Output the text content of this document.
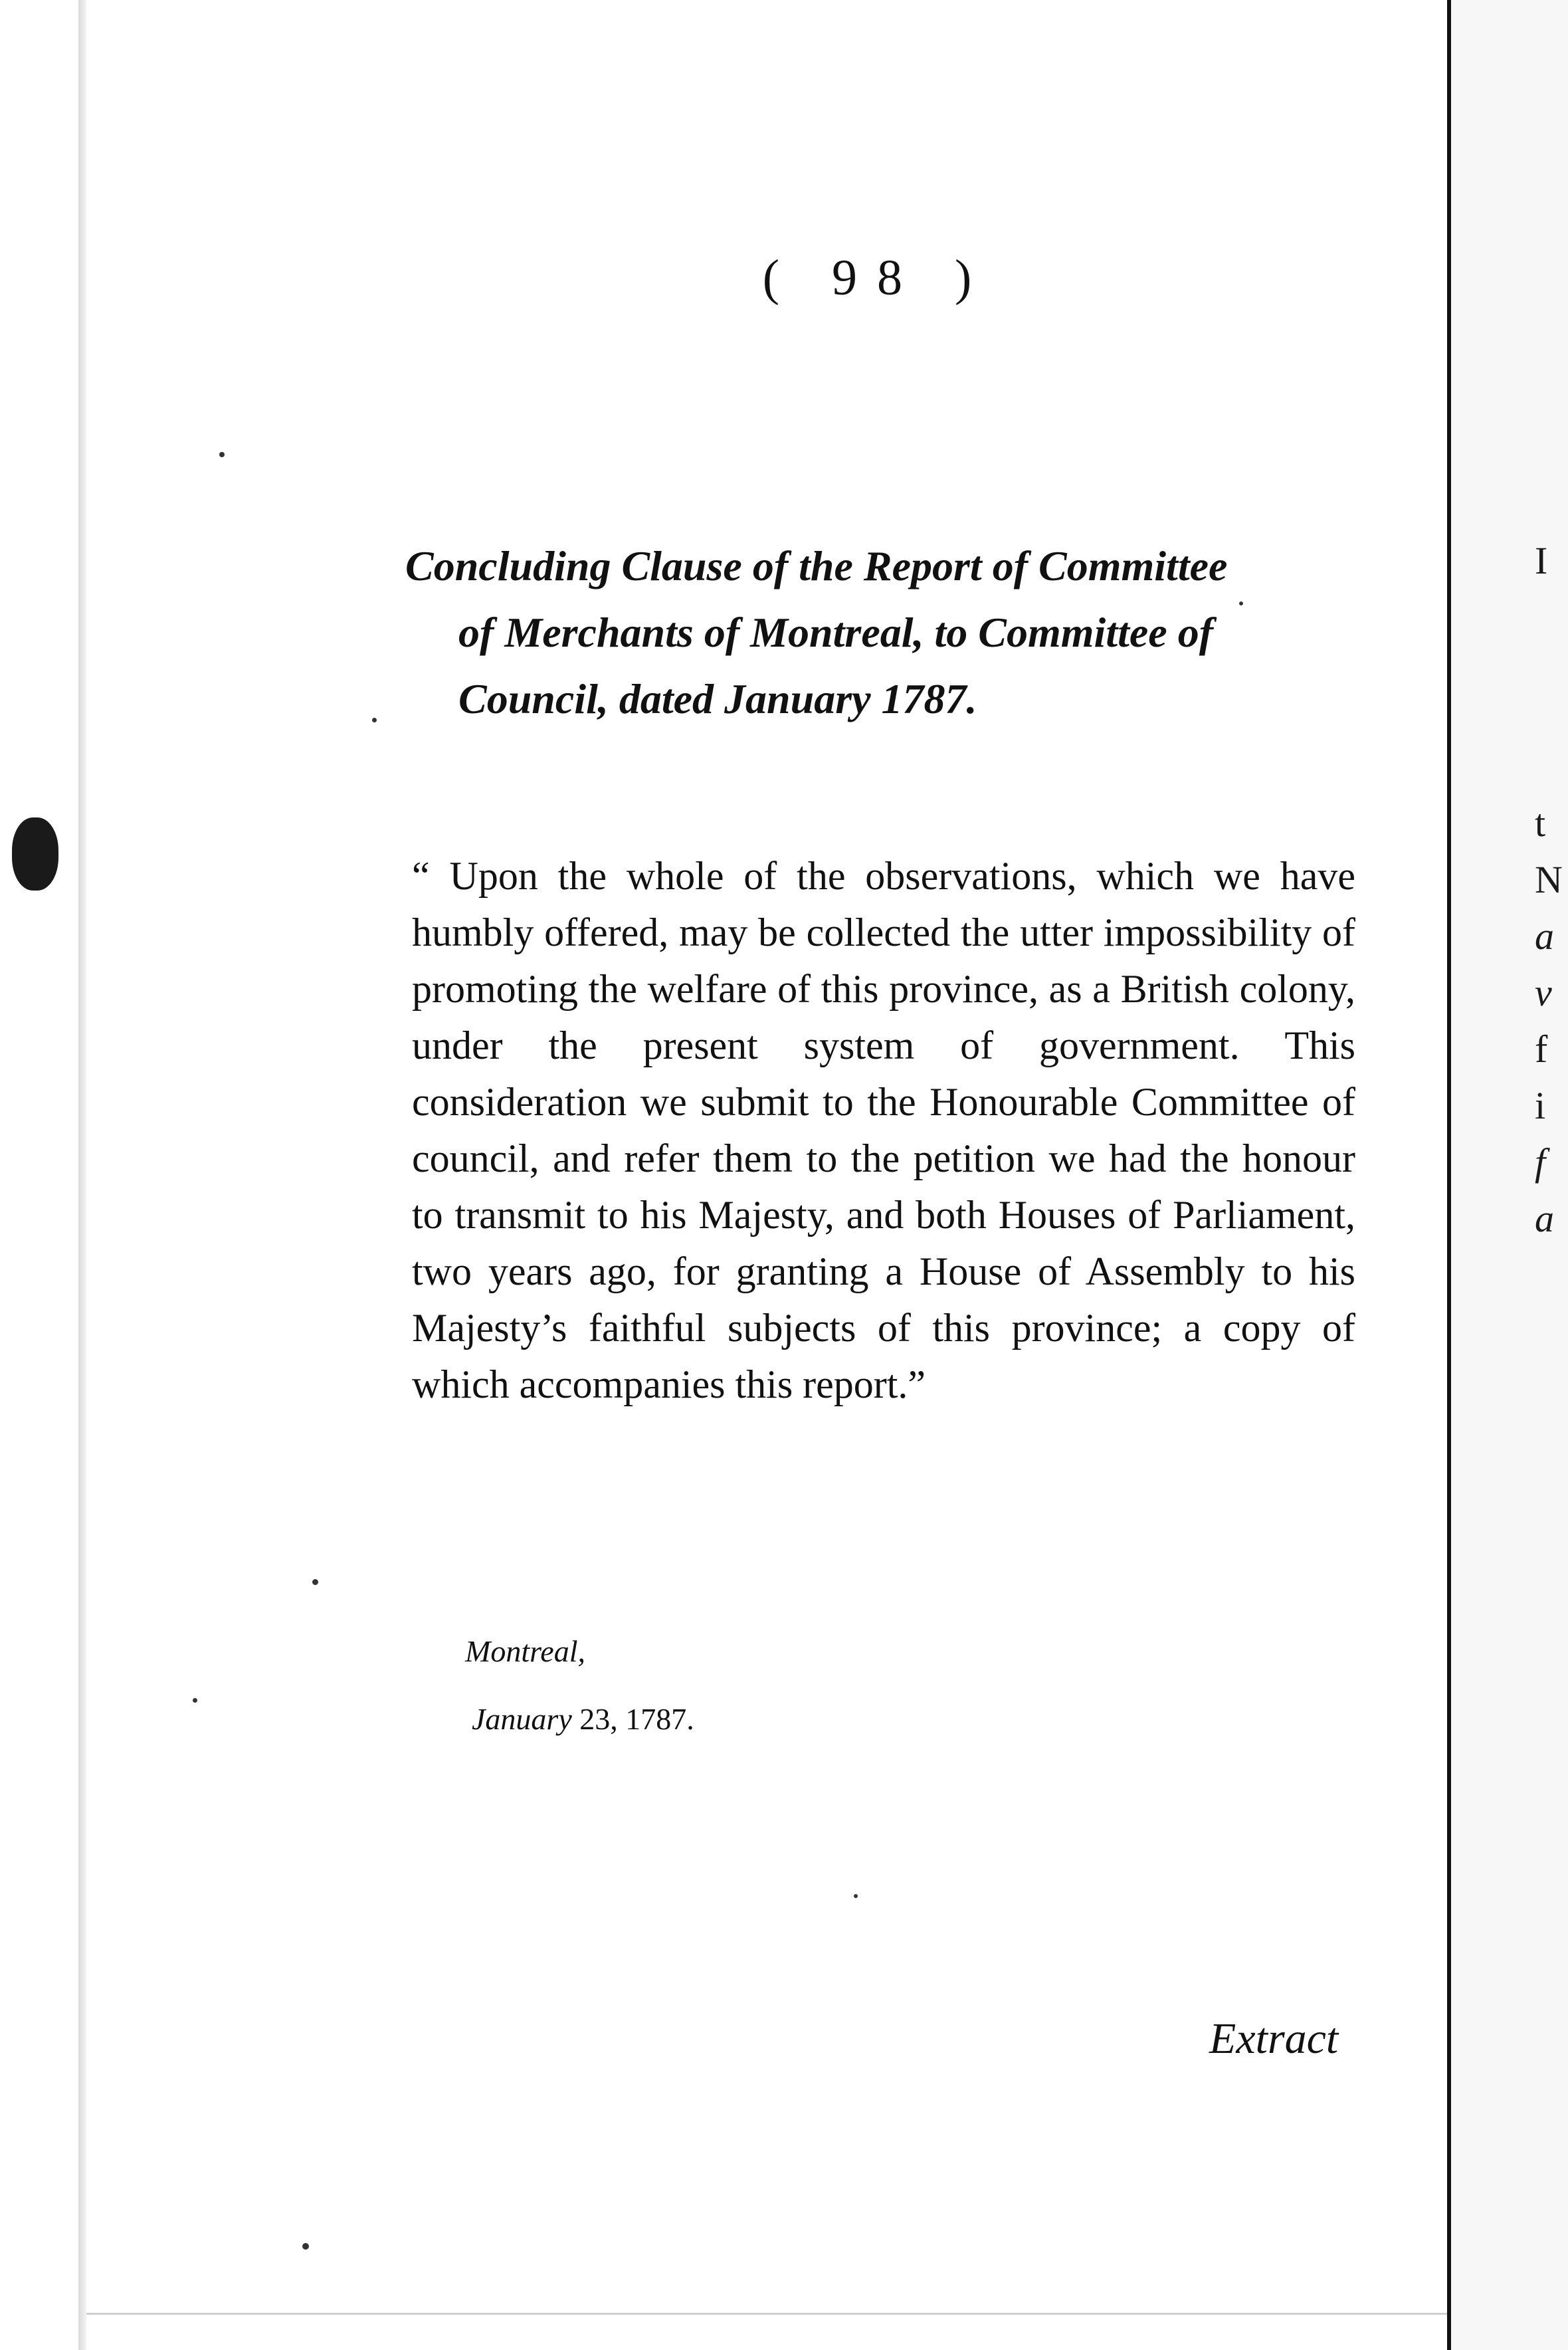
( 98 )
Concluding Clause of the Report of Committee
of Merchants of Montreal, to Committee of
Council, dated January 1787.
“ Upon the whole of the observations, which we have humbly offered, may be collected the utter impossibility of promoting the welfare of this province, as a British colony, under the present system of government. This consideration we submit to the Honourable Committee of council, and refer them to the petition we had the honour to transmit to his Majesty, and both Houses of Parliament, two years ago, for granting a House of Assembly to his Majesty’s faithful subjects of this province; a copy of which accompanies this report.”
Montreal,
January 23, 1787.
Extract
I
t
N
a
v
f
i
f
a
